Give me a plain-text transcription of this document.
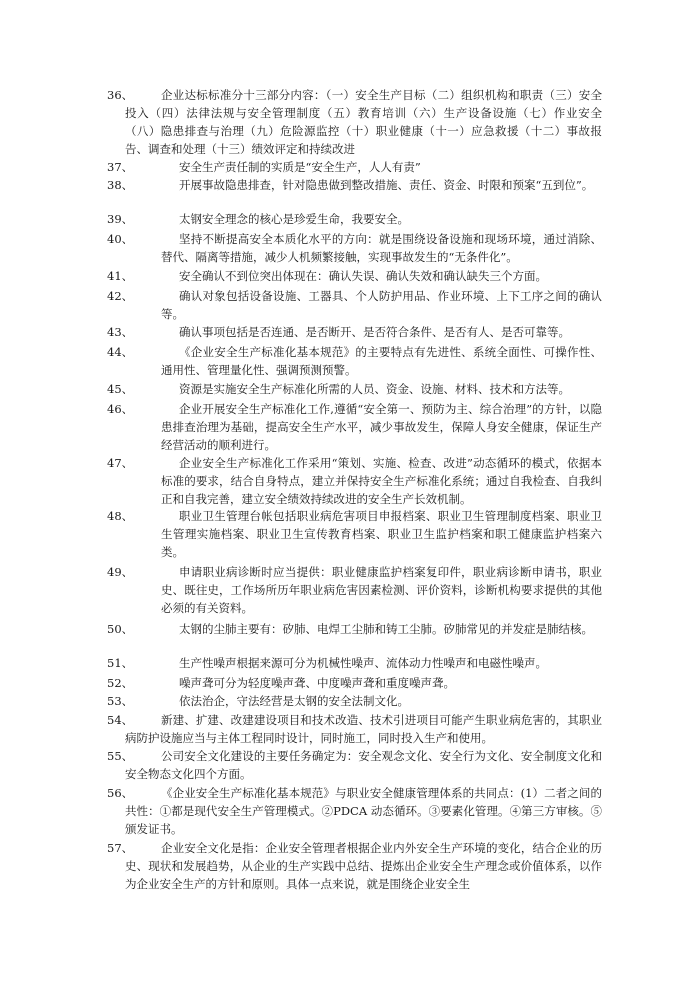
36、	企业达标标准分十三部分内容：（一）安全生产目标（二）组织机构和职责（三）安全投入（四）法律法规与安全管理制度（五）教育培训（六）生产设备设施（七）作业安全（八）隐患排查与治理（九）危险源监控（十）职业健康（十一）应急救援（十二）事故报告、调查和处理（十三）绩效评定和持续改进
37、	安全生产责任制的实质是“安全生产，人人有责”
38、	开展事故隐患排查，针对隐患做到整改措施、责任、资金、时限和预案“五到位”。
39、	太钢安全理念的核心是珍爱生命，我要安全。
40、	坚持不断提高安全本质化水平的方向：就是围绕设备设施和现场环境，通过消除、替代、隔离等措施，减少人机频繁接触，实现事故发生的“无条件化”。
41、	安全确认不到位突出体现在：确认失误、确认失效和确认缺失三个方面。
42、	确认对象包括设备设施、工器具、个人防护用品、作业环境、上下工序之间的确认等。
43、	确认事项包括是否连通、是否断开、是否符合条件、是否有人、是否可靠等。
44、	《企业安全生产标准化基本规范》的主要特点有先进性、系统全面性、可操作性、通用性、管理量化性、强调预测预警。
45、	资源是实施安全生产标准化所需的人员、资金、设施、材料、技术和方法等。
46、	企业开展安全生产标准化工作,遵循“安全第一、预防为主、综合治理”的方针，以隐患排查治理为基础，提高安全生产水平，减少事故发生，保障人身安全健康，保证生产经营活动的顺利进行。
47、	企业安全生产标准化工作采用“策划、实施、检查、改进”动态循环的模式，依据本标准的要求，结合自身特点，建立并保持安全生产标准化系统；通过自我检查、自我纠正和自我完善，建立安全绩效持续改进的安全生产长效机制。
48、	职业卫生管理台帐包括职业病危害项目申报档案、职业卫生管理制度档案、职业卫生管理实施档案、职业卫生宣传教育档案、职业卫生监护档案和职工健康监护档案六类。
49、	申请职业病诊断时应当提供：职业健康监护档案复印件，职业病诊断申请书，职业史、既往史，工作场所历年职业病危害因素检测、评价资料，诊断机构要求提供的其他必须的有关资料。
50、	太钢的尘肺主要有：矽肺、电焊工尘肺和铸工尘肺。矽肺常见的并发症是肺结核。
51、	生产性噪声根据来源可分为机械性噪声、流体动力性噪声和电磁性噪声。
52、	噪声聋可分为轻度噪声聋、中度噪声聋和重度噪声聋。
53、	依法治企，守法经营是太钢的安全法制文化。
54、	新建、扩建、改建建设项目和技术改造、技术引进项目可能产生职业病危害的，其职业病防护设施应当与主体工程同时设计，同时施工，同时投入生产和使用。
55、	公司安全文化建设的主要任务确定为：安全观念文化、安全行为文化、安全制度文化和安全物态文化四个方面。
56、	《企业安全生产标准化基本规范》与职业安全健康管理体系的共同点：(1）二者之间的共性：①都是现代安全生产管理模式。②PDCA 动态循环。③要素化管理。④第三方审核。⑤颁发证书。
57、	企业安全文化是指：企业安全管理者根据企业内外安全生产环境的变化，结合企业的历史、现状和发展趋势，从企业的生产实践中总结、提炼出企业安全生产理念或价值体系，以作为企业安全生产的方针和原则。具体一点来说，就是围绕企业安全生
